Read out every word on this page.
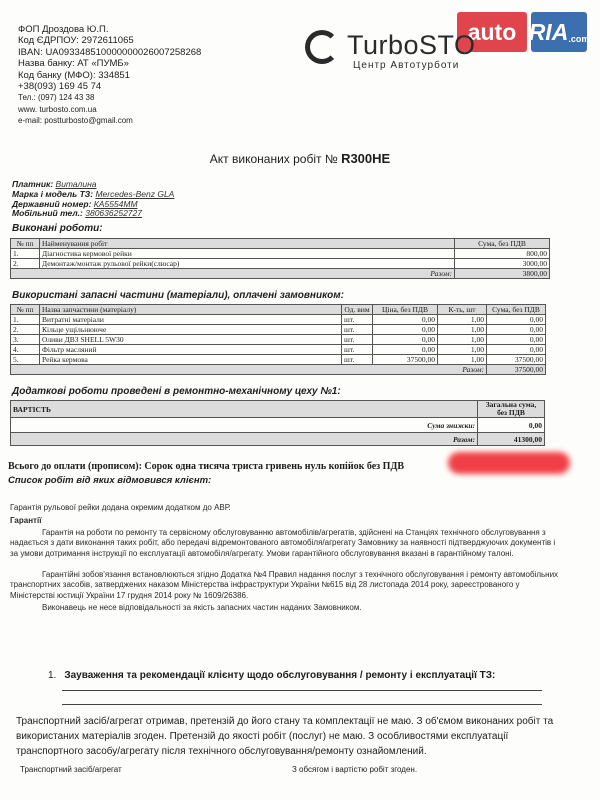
auto RIA .com
ФОП Дроздова Ю.П.
Код ЄДРПОУ: 2972611065
IBAN: UA093348510000000026007258268
Назва банку: АТ «ПУМБ»
Код банку (МФО): 334851
+38(093) 169 45 74
Тел.: (097) 124 43 38
www. turbosto.com.ua
e-mail: postturbosto@gmail.com
TurboSTO
Центр Автотурботи
Акт виконаних робіт № R300HE
Платник: Виталина
Марка і модель ТЗ: Mercedes-Benz GLA
Державний номер: КА5554ММ
Мобільний тел.: 380636252727
Виконані роботи:
№ пп	Найменування робіт	Сума, без ПДВ
1.	Діагностика кермової рейки	800,00
2.	Демонтаж/монтаж рульової рейки(слюсар)	3000,00
Разом:	3800,00
Використані запасні частини (матеріали), оплачені замовником:
№ пп	Назва запчастини (матеріалу)	Од. вим	Ціна, без ПДВ	К-ть, шт	Сума, без ПДВ
1.	Витратні матеріали	шт.	0,00	1,00	0,00
2.	Кільце ущільнююче	шт.	0,00	1,00	0,00
3.	Оливи ДВЗ SHELL 5W30	шт.	0,00	1,00	0,00
4.	Фільтр масляний	шт.	0,00	1,00	0,00
5.	Рейка кермова	шт.	37500,00	1,00	37500,00
Разом:	37500,00
Додаткові роботи проведені в ремонтно-механічному цеху №1:
ВАРТІСТЬ	Загальна сума, без ПДВ
Сума знижки:	0,00
Разом:	41300,00
Всього до оплати (прописом): Сорок одна тисяча триста гривень нуль копійок без ПДВ
Список робіт від яких відмовився клієнт:
Гарантія рульової рейки додана окремим додатком до АВР.
Гарантії
Гарантія на роботи по ремонту та сервісному обслуговуванню автомобілів/агрегатів, здійснені на Станціях технічного обслуговування з надається з дати виконання таких робіт, або передачі відремонтованого автомобіля/агрегату Замовнику за наявності підтверджуючих документів і за умови дотримання інструкції по експлуатації автомобіля/агрегату. Умови гарантійного обслуговування вказані в гарантійному талоні.
Гарантійні зобов'язання встановлюються згідно Додатка №4 Правил надання послуг з технічного обслуговування і ремонту автомобільних транспортних засобів, затверджених наказом Міністерства інфраструктури України №615 від 28 листопада 2014 року, зареєстрованого у Міністерстві юстиції України 17 грудня 2014 року № 1609/26386.
Виконавець не несе відповідальності за якість запасних частин наданих Замовником.
1. Зауваження та рекомендації клієнту щодо обслуговування / ремонту і експлуатації ТЗ:
Транспортний засіб/агрегат отримав, претензій до його стану та комплектації не маю. З об'ємом виконаних робіт та використаних матеріалів згоден. Претензій до якості робіт (послуг) не маю. З особливостями експлуатації транспортного засобу/агрегату після технічного обслуговування/ремонту ознайомлений.
Транспортний засіб/агрегат	З обсягом і вартістю робіт згоден.
